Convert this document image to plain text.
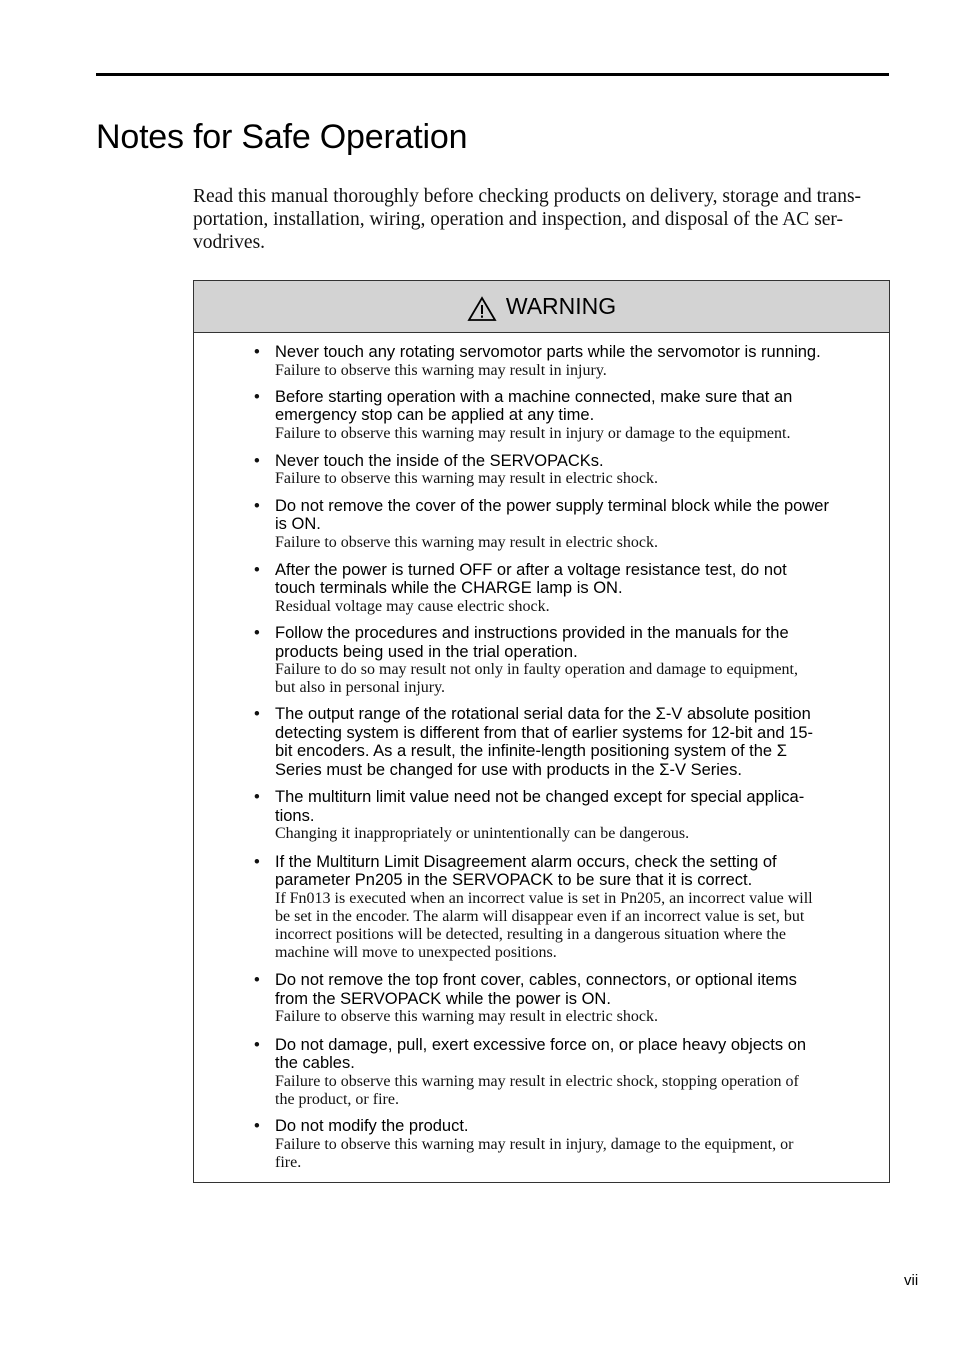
Notes for Safe Operation

Read this manual thoroughly before checking products on delivery, storage and trans-
portation, installation, wiring, operation and inspection, and disposal of the AC ser-
vodrives.

WARNING
• Never touch any rotating servomotor parts while the servomotor is running.
Failure to observe this warning may result in injury.
• Before starting operation with a machine connected, make sure that an
emergency stop can be applied at any time.
Failure to observe this warning may result in injury or damage to the equipment.
• Never touch the inside of the SERVOPACKs.
Failure to observe this warning may result in electric shock.
• Do not remove the cover of the power supply terminal block while the power
is ON.
Failure to observe this warning may result in electric shock.
• After the power is turned OFF or after a voltage resistance test, do not
touch terminals while the CHARGE lamp is ON.
Residual voltage may cause electric shock.
• Follow the procedures and instructions provided in the manuals for the
products being used in the trial operation.
Failure to do so may result not only in faulty operation and damage to equipment,
but also in personal injury.
• The output range of the rotational serial data for the Σ-V absolute position
detecting system is different from that of earlier systems for 12-bit and 15-
bit encoders. As a result, the infinite-length positioning system of the Σ
Series must be changed for use with products in the Σ-V Series.
• The multiturn limit value need not be changed except for special applica-
tions.
Changing it inappropriately or unintentionally can be dangerous.
• If the Multiturn Limit Disagreement alarm occurs, check the setting of
parameter Pn205 in the SERVOPACK to be sure that it is correct.
If Fn013 is executed when an incorrect value is set in Pn205, an incorrect value will
be set in the encoder. The alarm will disappear even if an incorrect value is set, but
incorrect positions will be detected, resulting in a dangerous situation where the
machine will move to unexpected positions.
• Do not remove the top front cover, cables, connectors, or optional items
from the SERVOPACK while the power is ON.
Failure to observe this warning may result in electric shock.
• Do not damage, pull, exert excessive force on, or place heavy objects on
the cables.
Failure to observe this warning may result in electric shock, stopping operation of
the product, or fire.
• Do not modify the product.
Failure to observe this warning may result in injury, damage to the equipment, or
fire.
vii
